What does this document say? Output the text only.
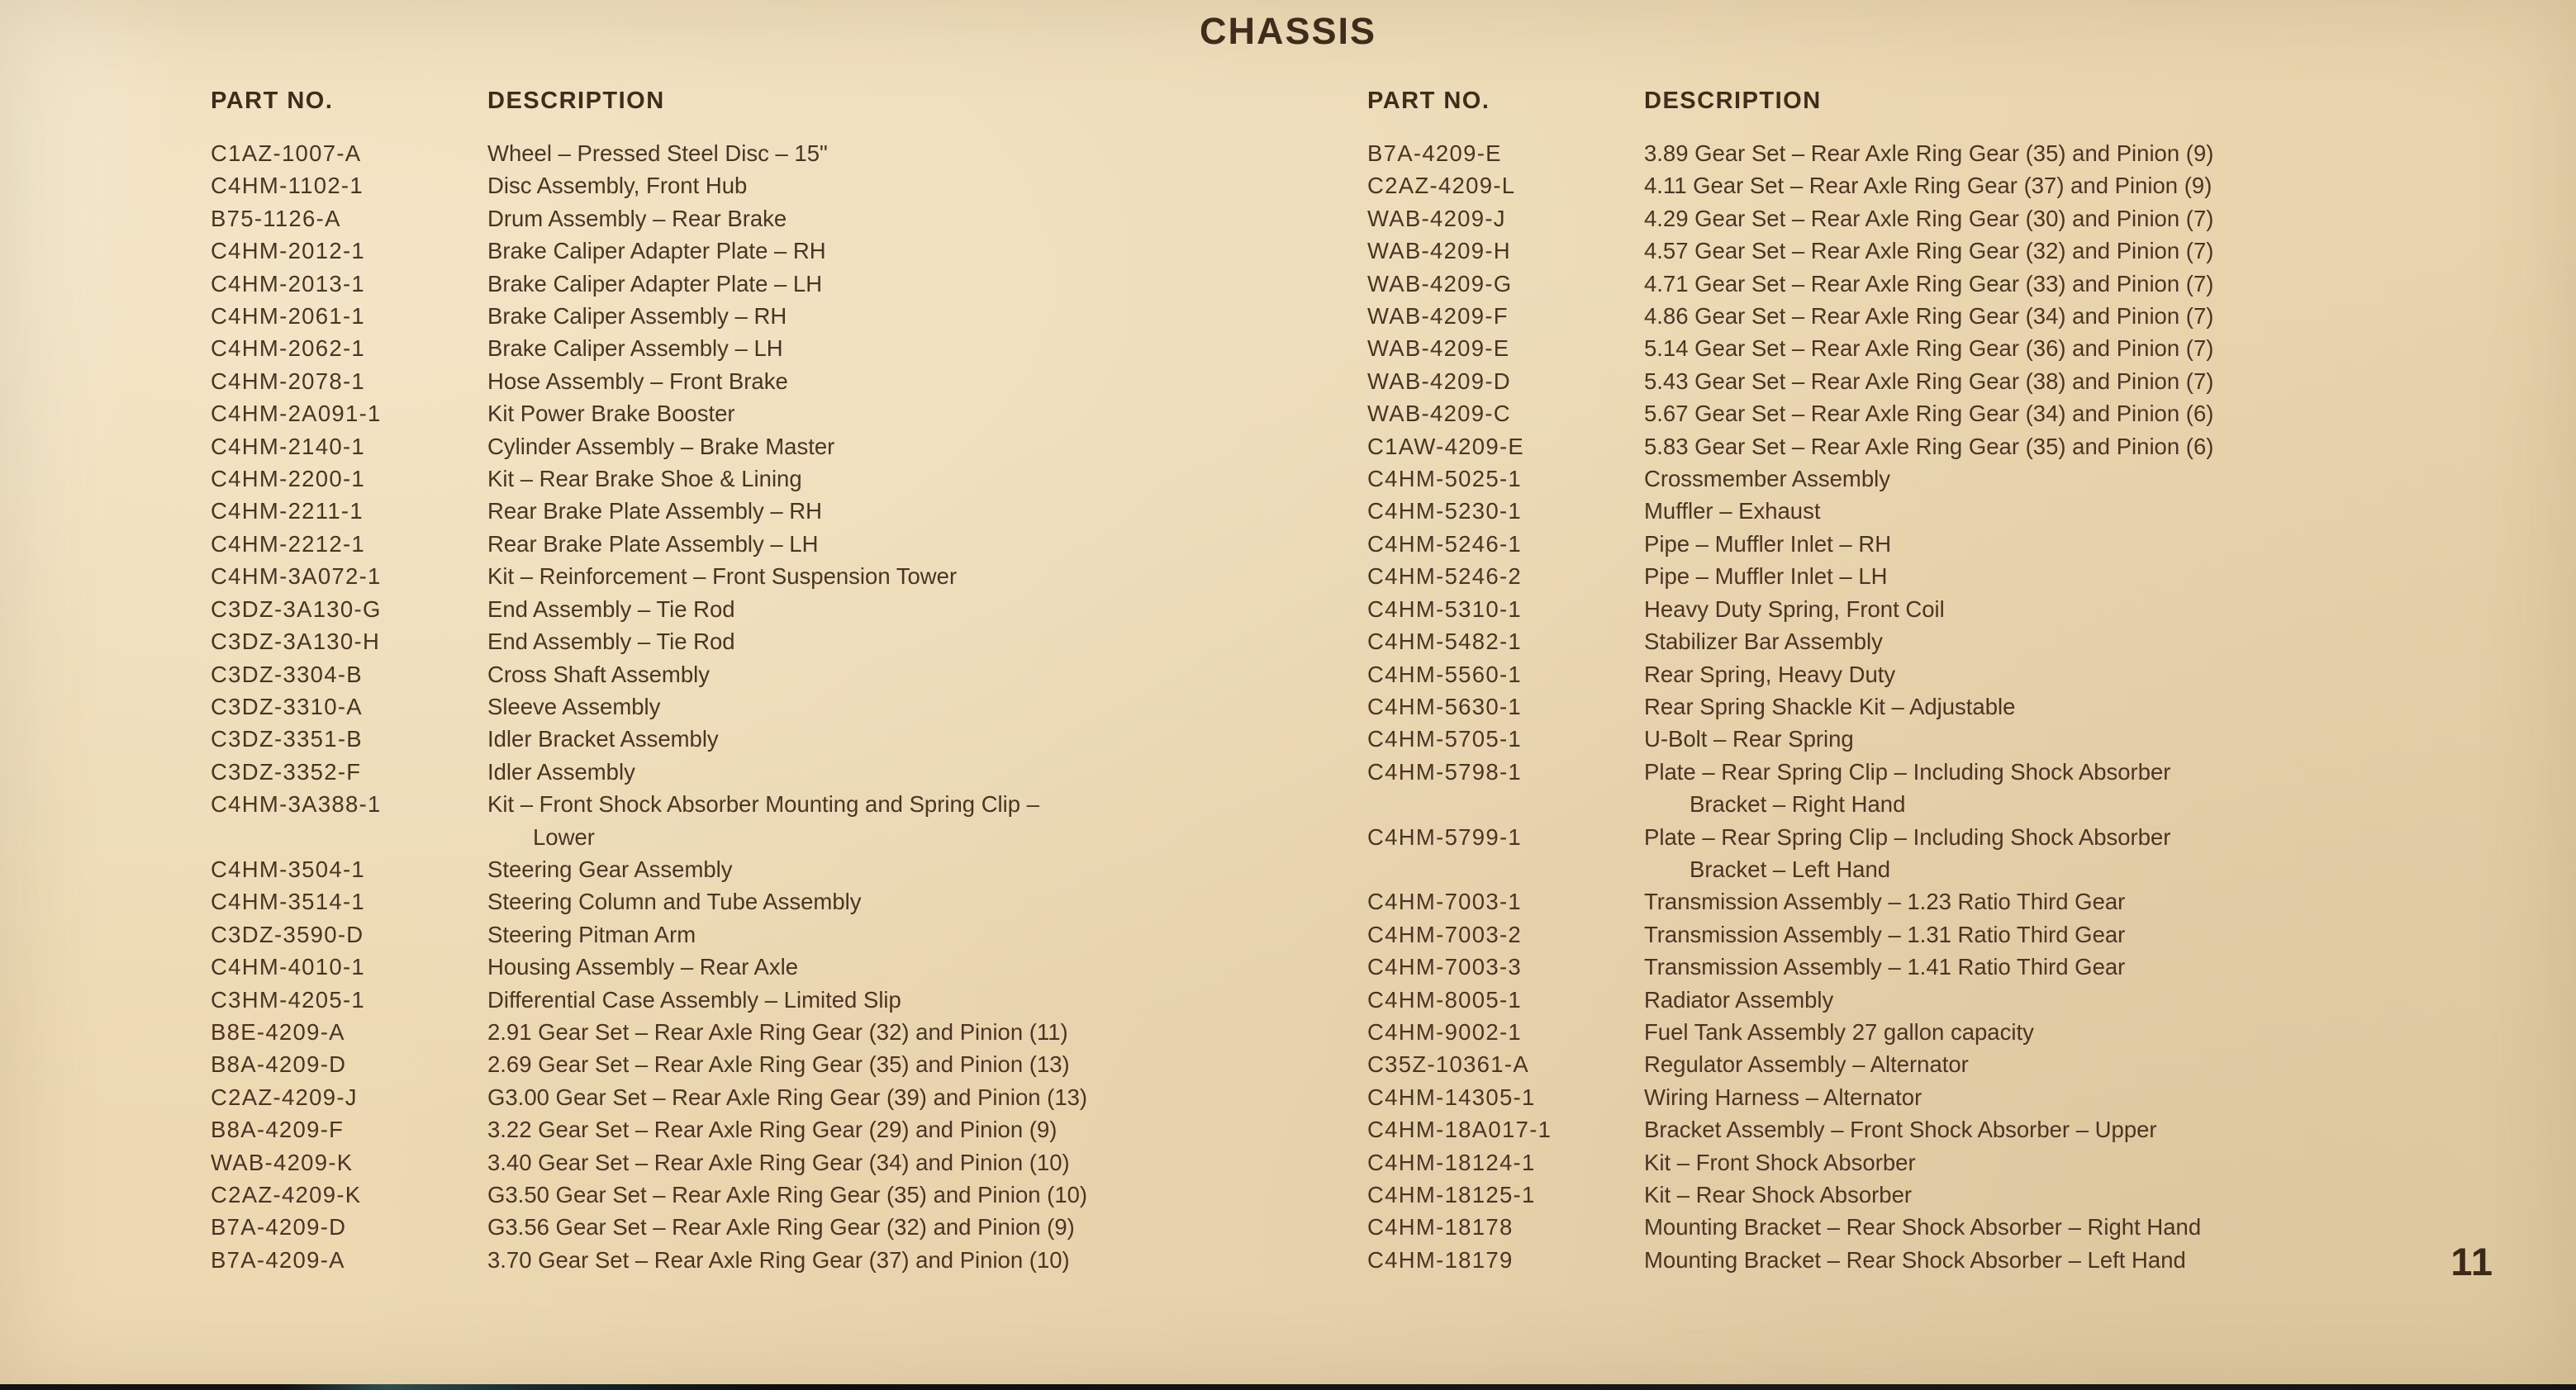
CHASSIS
PART NO.	DESCRIPTION
C1AZ-1007-A	Wheel – Pressed Steel Disc – 15"
C4HM-1102-1	Disc Assembly, Front Hub
B75-1126-A	Drum Assembly – Rear Brake
C4HM-2012-1	Brake Caliper Adapter Plate – RH
C4HM-2013-1	Brake Caliper Adapter Plate – LH
C4HM-2061-1	Brake Caliper Assembly – RH
C4HM-2062-1	Brake Caliper Assembly – LH
C4HM-2078-1	Hose Assembly – Front Brake
C4HM-2A091-1	Kit Power Brake Booster
C4HM-2140-1	Cylinder Assembly – Brake Master
C4HM-2200-1	Kit – Rear Brake Shoe & Lining
C4HM-2211-1	Rear Brake Plate Assembly – RH
C4HM-2212-1	Rear Brake Plate Assembly – LH
C4HM-3A072-1	Kit – Reinforcement – Front Suspension Tower
C3DZ-3A130-G	End Assembly – Tie Rod
C3DZ-3A130-H	End Assembly – Tie Rod
C3DZ-3304-B	Cross Shaft Assembly
C3DZ-3310-A	Sleeve Assembly
C3DZ-3351-B	Idler Bracket Assembly
C3DZ-3352-F	Idler Assembly
C4HM-3A388-1	Kit – Front Shock Absorber Mounting and Spring Clip –
Lower
C4HM-3504-1	Steering Gear Assembly
C4HM-3514-1	Steering Column and Tube Assembly
C3DZ-3590-D	Steering Pitman Arm
C4HM-4010-1	Housing Assembly – Rear Axle
C3HM-4205-1	Differential Case Assembly – Limited Slip
B8E-4209-A	2.91 Gear Set – Rear Axle Ring Gear (32) and Pinion (11)
B8A-4209-D	2.69 Gear Set – Rear Axle Ring Gear (35) and Pinion (13)
C2AZ-4209-J	G3.00 Gear Set – Rear Axle Ring Gear (39) and Pinion (13)
B8A-4209-F	3.22 Gear Set – Rear Axle Ring Gear (29) and Pinion (9)
WAB-4209-K	3.40 Gear Set – Rear Axle Ring Gear (34) and Pinion (10)
C2AZ-4209-K	G3.50 Gear Set – Rear Axle Ring Gear (35) and Pinion (10)
B7A-4209-D	G3.56 Gear Set – Rear Axle Ring Gear (32) and Pinion (9)
B7A-4209-A	3.70 Gear Set – Rear Axle Ring Gear (37) and Pinion (10)
PART NO.	DESCRIPTION
B7A-4209-E	3.89 Gear Set – Rear Axle Ring Gear (35) and Pinion (9)
C2AZ-4209-L	4.11 Gear Set – Rear Axle Ring Gear (37) and Pinion (9)
WAB-4209-J	4.29 Gear Set – Rear Axle Ring Gear (30) and Pinion (7)
WAB-4209-H	4.57 Gear Set – Rear Axle Ring Gear (32) and Pinion (7)
WAB-4209-G	4.71 Gear Set – Rear Axle Ring Gear (33) and Pinion (7)
WAB-4209-F	4.86 Gear Set – Rear Axle Ring Gear (34) and Pinion (7)
WAB-4209-E	5.14 Gear Set – Rear Axle Ring Gear (36) and Pinion (7)
WAB-4209-D	5.43 Gear Set – Rear Axle Ring Gear (38) and Pinion (7)
WAB-4209-C	5.67 Gear Set – Rear Axle Ring Gear (34) and Pinion (6)
C1AW-4209-E	5.83 Gear Set – Rear Axle Ring Gear (35) and Pinion (6)
C4HM-5025-1	Crossmember Assembly
C4HM-5230-1	Muffler – Exhaust
C4HM-5246-1	Pipe – Muffler Inlet – RH
C4HM-5246-2	Pipe – Muffler Inlet – LH
C4HM-5310-1	Heavy Duty Spring, Front Coil
C4HM-5482-1	Stabilizer Bar Assembly
C4HM-5560-1	Rear Spring, Heavy Duty
C4HM-5630-1	Rear Spring Shackle Kit – Adjustable
C4HM-5705-1	U-Bolt – Rear Spring
C4HM-5798-1	Plate – Rear Spring Clip – Including Shock Absorber
Bracket – Right Hand
C4HM-5799-1	Plate – Rear Spring Clip – Including Shock Absorber
Bracket – Left Hand
C4HM-7003-1	Transmission Assembly – 1.23 Ratio Third Gear
C4HM-7003-2	Transmission Assembly – 1.31 Ratio Third Gear
C4HM-7003-3	Transmission Assembly – 1.41 Ratio Third Gear
C4HM-8005-1	Radiator Assembly
C4HM-9002-1	Fuel Tank Assembly 27 gallon capacity
C35Z-10361-A	Regulator Assembly – Alternator
C4HM-14305-1	Wiring Harness – Alternator
C4HM-18A017-1	Bracket Assembly – Front Shock Absorber – Upper
C4HM-18124-1	Kit – Front Shock Absorber
C4HM-18125-1	Kit – Rear Shock Absorber
C4HM-18178	Mounting Bracket – Rear Shock Absorber – Right Hand
C4HM-18179	Mounting Bracket – Rear Shock Absorber – Left Hand	11
